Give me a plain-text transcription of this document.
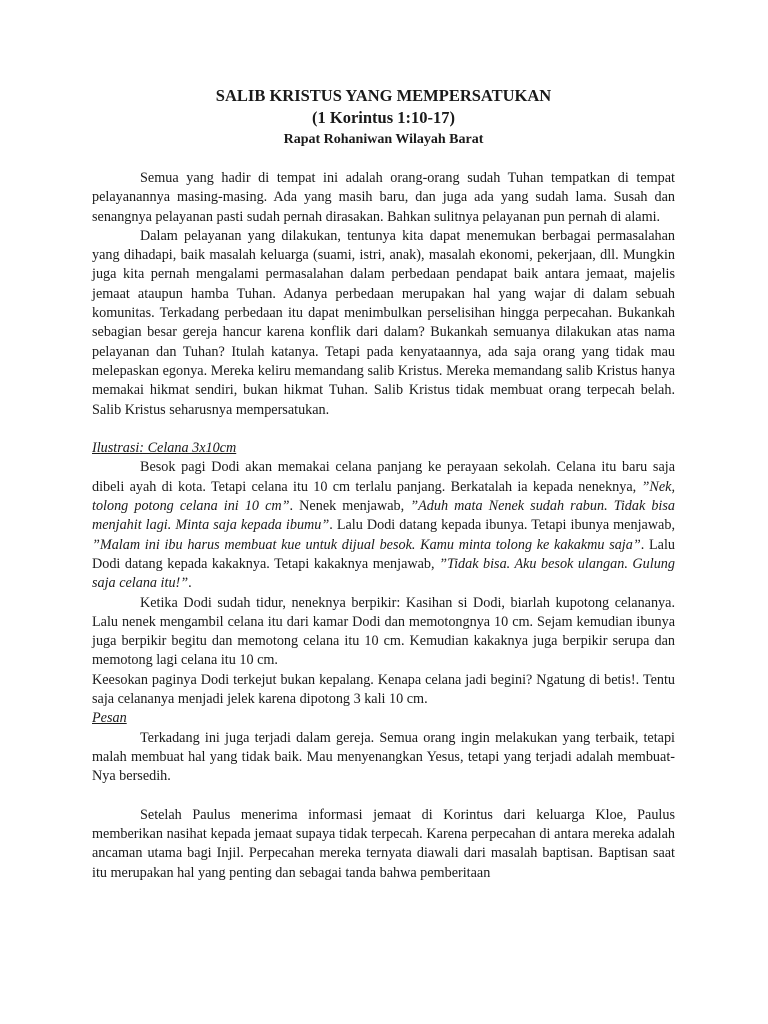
SALIB KRISTUS YANG MEMPERSATUKAN
(1 Korintus 1:10-17)
Rapat Rohaniwan Wilayah Barat

Semua yang hadir di tempat ini adalah orang-orang sudah Tuhan tempatkan di tempat pelayanannya masing-masing. Ada yang masih baru, dan juga ada yang sudah lama. Susah dan senangnya pelayanan pasti sudah pernah dirasakan. Bahkan sulitnya pelayanan pun pernah di alami.

Dalam pelayanan yang dilakukan, tentunya kita dapat menemukan berbagai permasalahan yang dihadapi, baik masalah keluarga (suami, istri, anak), masalah ekonomi, pekerjaan, dll. Mungkin juga kita pernah mengalami permasalahan dalam perbedaan pendapat baik antara jemaat, majelis jemaat ataupun hamba Tuhan. Adanya perbedaan merupakan hal yang wajar di dalam sebuah komunitas. Terkadang perbedaan itu dapat menimbulkan perselisihan hingga perpecahan. Bukankah sebagian besar gereja hancur karena konflik dari dalam? Bukankah semuanya dilakukan atas nama pelayanan dan Tuhan? Itulah katanya. Tetapi pada kenyataannya, ada saja orang yang tidak mau melepaskan egonya. Mereka keliru memandang salib Kristus. Mereka memandang salib Kristus hanya memakai hikmat sendiri, bukan hikmat Tuhan. Salib Kristus tidak membuat orang terpecah belah. Salib Kristus seharusnya mempersatukan.

Ilustrasi: Celana 3x10cm

Besok pagi Dodi akan memakai celana panjang ke perayaan sekolah. Celana itu baru saja dibeli ayah di kota. Tetapi celana itu 10 cm terlalu panjang. Berkatalah ia kepada neneknya, ”Nek, tolong potong celana ini 10 cm”. Nenek menjawab, ”Aduh mata Nenek sudah rabun. Tidak bisa menjahit lagi. Minta saja kepada ibumu”. Lalu Dodi datang kepada ibunya. Tetapi ibunya menjawab, ”Malam ini ibu harus membuat kue untuk dijual besok. Kamu minta tolong ke kakakmu saja”. Lalu Dodi datang kepada kakaknya. Tetapi kakaknya menjawab, ”Tidak bisa. Aku besok ulangan. Gulung saja celana itu!”.

Ketika Dodi sudah tidur, neneknya berpikir: Kasihan si Dodi, biarlah kupotong celananya. Lalu nenek mengambil celana itu dari kamar Dodi dan memotongnya 10 cm. Sejam kemudian ibunya juga berpikir begitu dan memotong celana itu 10 cm. Kemudian kakaknya juga berpikir serupa dan memotong lagi celana itu 10 cm.

Keesokan paginya Dodi terkejut bukan kepalang. Kenapa celana jadi begini? Ngatung di betis!. Tentu saja celananya menjadi jelek karena dipotong 3 kali 10 cm.

Pesan

Terkadang ini juga terjadi dalam gereja. Semua orang ingin melakukan yang terbaik, tetapi malah membuat hal yang tidak baik. Mau menyenangkan Yesus, tetapi yang terjadi adalah membuat-Nya bersedih.

Setelah Paulus menerima informasi jemaat di Korintus dari keluarga Kloe, Paulus memberikan nasihat kepada jemaat supaya tidak terpecah. Karena perpecahan di antara mereka adalah ancaman utama bagi Injil. Perpecahan mereka ternyata diawali dari masalah baptisan. Baptisan saat itu merupakan hal yang penting dan sebagai tanda bahwa pemberitaan
